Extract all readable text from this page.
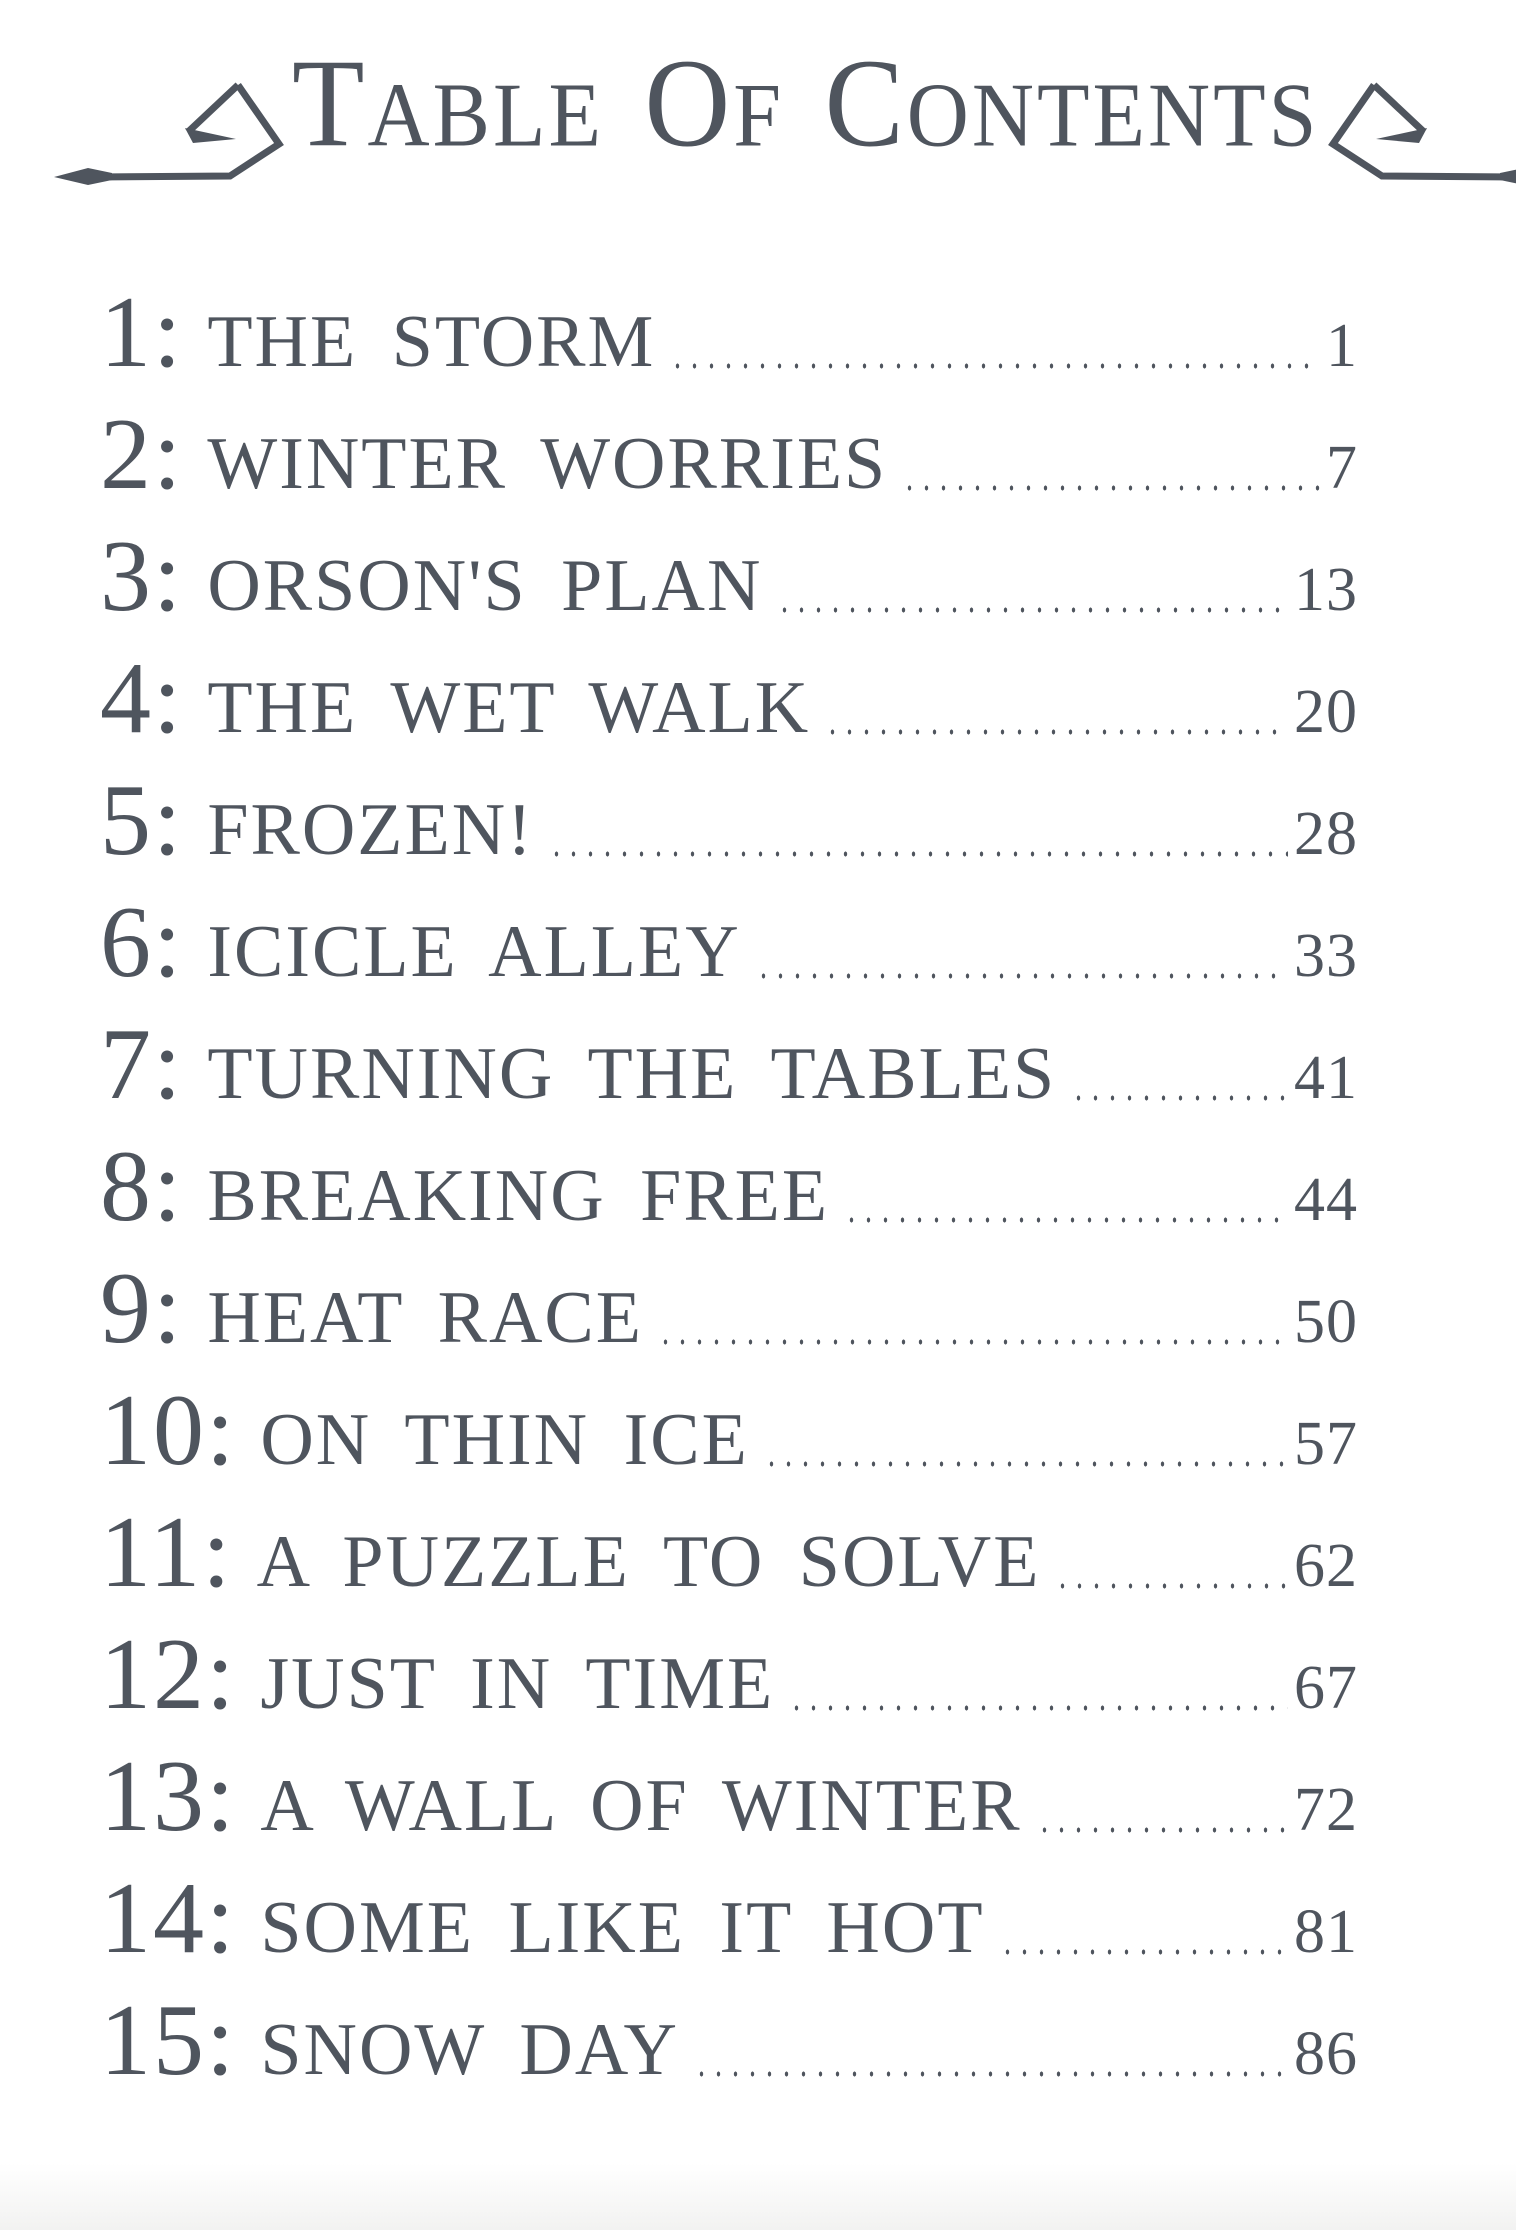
TABLE OF CONTENTS
1: THE STORM	1
2: WINTER WORRIES	7
3: ORSON'S PLAN	13
4: THE WET WALK	20
5: FROZEN!	28
6: ICICLE ALLEY	33
7: TURNING THE TABLES	41
8: BREAKING FREE	44
9: HEAT RACE	50
10: ON THIN ICE	57
11: A PUZZLE TO SOLVE	62
12: JUST IN TIME	67
13: A WALL OF WINTER	72
14: SOME LIKE IT HOT	81
15: SNOW DAY	86
